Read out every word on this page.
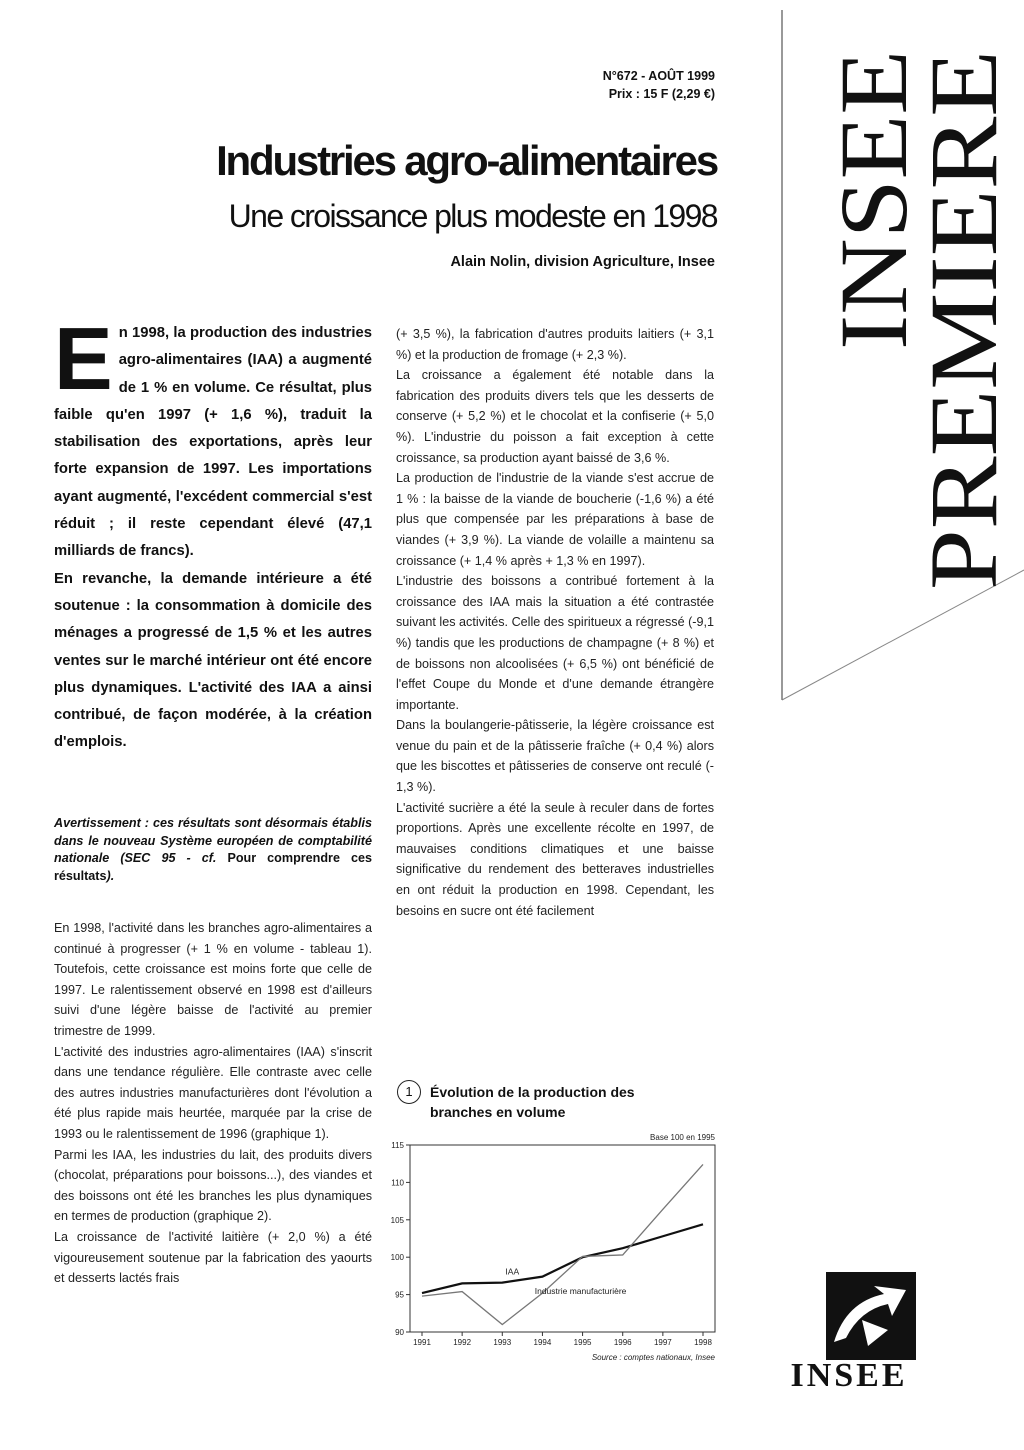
N°672 - AOÛT 1999
Prix : 15 F (2,29 €)
Industries agro-alimentaires
Une croissance plus modeste en 1998
Alain Nolin, division Agriculture, Insee INSEE
PREMIERE

En 1998, la production des industries agro-alimentaires (IAA) a augmenté de 1 % en volume. Ce résultat, plus faible qu'en 1997 (+ 1,6 %), traduit la stabilisation des exportations, après leur forte expansion de 1997. Les importations ayant augmenté, l'excédent commercial s'est réduit ; il reste cependant élevé (47,1 milliards de francs).

En revanche, la demande intérieure a été soutenue : la consommation à domicile des ménages a progressé de 1,5 % et les autres ventes sur le marché intérieur ont été encore plus dynamiques. L'activité des IAA a ainsi contribué, de façon modérée, à la création d'emplois.

Avertissement : ces résultats sont désormais établis dans le nouveau Système européen de comptabilité nationale (SEC 95 - cf. Pour comprendre ces résultats).

En 1998, l'activité dans les branches agro-alimentaires a continué à progresser (+ 1 % en volume - tableau 1). Toutefois, cette croissance est moins forte que celle de 1997. Le ralentissement observé en 1998 est d'ailleurs suivi d'une légère baisse de l'activité au premier trimestre de 1999.

L'activité des industries agro-alimentaires (IAA) s'inscrit dans une tendance régulière. Elle contraste avec celle des autres industries manufacturières dont l'évolution a été plus rapide mais heurtée, marquée par la crise de 1993 ou le ralentissement de 1996 (graphique 1).

Parmi les IAA, les industries du lait, des produits divers (chocolat, préparations pour boissons...), des viandes et des boissons ont été les branches les plus dynamiques en termes de production (graphique 2).

La croissance de l'activité laitière (+ 2,0 %) a été vigoureusement soutenue par la fabrication des yaourts et desserts lactés frais

(+ 3,5 %), la fabrication d'autres produits laitiers (+ 3,1 %) et la production de fromage (+ 2,3 %).

La croissance a également été notable dans la fabrication des produits divers tels que les desserts de conserve (+ 5,2 %) et le chocolat et la confiserie (+ 5,0 %). L'industrie du poisson a fait exception à cette croissance, sa production ayant baissé de 3,6 %.

La production de l'industrie de la viande s'est accrue de 1 % : la baisse de la viande de boucherie (-1,6 %) a été plus que compensée par les préparations à base de viandes (+ 3,9 %). La viande de volaille a maintenu sa croissance (+ 1,4 % après + 1,3 % en 1997).

L'industrie des boissons a contribué fortement à la croissance des IAA mais la situation a été contrastée suivant les activités. Celle des spiritueux a régressé (-9,1 %) tandis que les productions de champagne (+ 8 %) et de boissons non alcoolisées (+ 6,5 %) ont bénéficié de l'effet Coupe du Monde et d'une demande étrangère importante.

Dans la boulangerie-pâtisserie, la légère croissance est venue du pain et de la pâtisserie fraîche (+ 0,4 %) alors que les biscottes et pâtisseries de conserve ont reculé (- 1,3 %).

L'activité sucrière a été la seule à reculer dans de fortes proportions. Après une excellente récolte en 1997, de mauvaises conditions climatiques et une baisse significative du rendement des betteraves industrielles en ont réduit la production en 1998. Cependant, les besoins en sucre ont été facilement

1	Évolution de la production des branches en volume
Base 100 en 1995
90
95
100
105
110
115
1991	1992	1993	1994	1995	1996	1997	1998
IAA
Industrie manufacturière
Source : comptes nationaux, Insee	INSEE
